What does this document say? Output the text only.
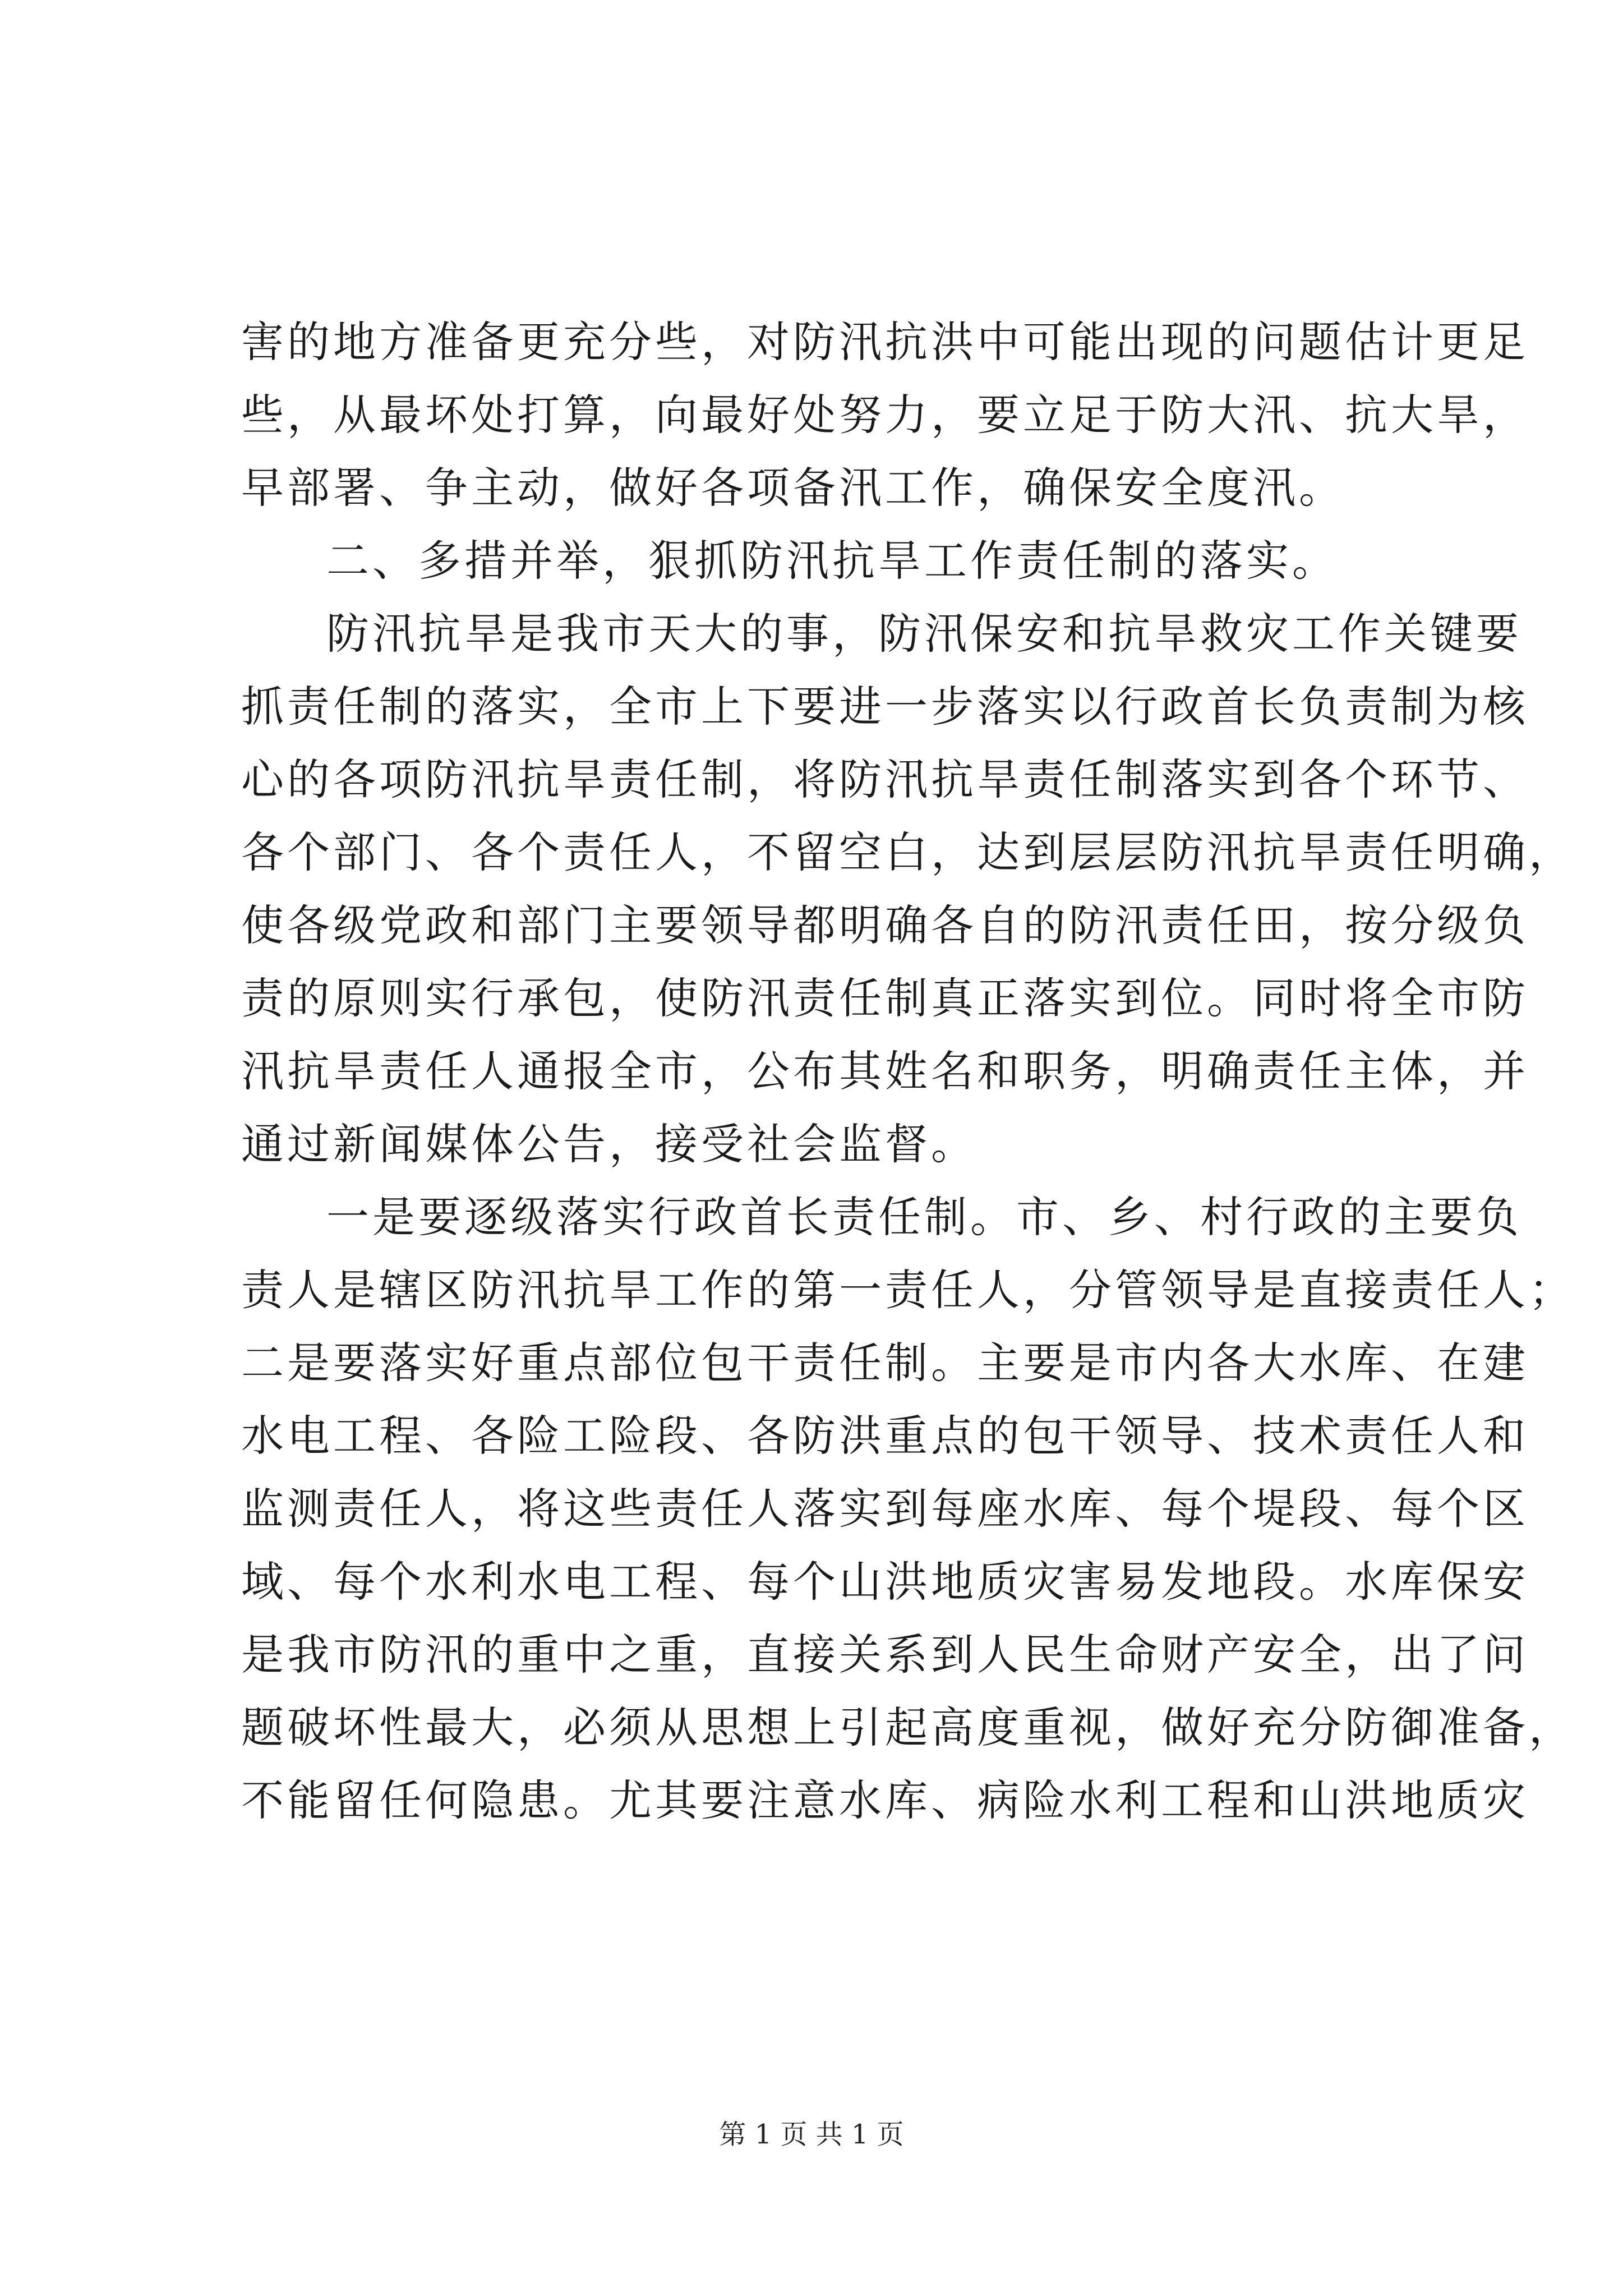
害的地方准备更充分些，对防汛抗洪中可能出现的问题估计更足
些，从最坏处打算，向最好处努力，要立足于防大汛、抗大旱，
早部署、争主动，做好各项备汛工作，确保安全度汛。
二、多措并举，狠抓防汛抗旱工作责任制的落实。
防汛抗旱是我市天大的事，防汛保安和抗旱救灾工作关键要
抓责任制的落实，全市上下要进一步落实以行政首长负责制为核
心的各项防汛抗旱责任制，将防汛抗旱责任制落实到各个环节、
各个部门、各个责任人，不留空白，达到层层防汛抗旱责任明确，
使各级党政和部门主要领导都明确各自的防汛责任田，按分级负
责的原则实行承包，使防汛责任制真正落实到位。同时将全市防
汛抗旱责任人通报全市，公布其姓名和职务，明确责任主体，并
通过新闻媒体公告，接受社会监督。
一是要逐级落实行政首长责任制。市、乡、村行政的主要负
责人是辖区防汛抗旱工作的第一责任人，分管领导是直接责任人；
二是要落实好重点部位包干责任制。主要是市内各大水库、在建
水电工程、各险工险段、各防洪重点的包干领导、技术责任人和
监测责任人，将这些责任人落实到每座水库、每个堤段、每个区
域、每个水利水电工程、每个山洪地质灾害易发地段。水库保安
是我市防汛的重中之重，直接关系到人民生命财产安全，出了问
题破坏性最大，必须从思想上引起高度重视，做好充分防御准备，
不能留任何隐患。尤其要注意水库、病险水利工程和山洪地质灾
第 1 页 共 1 页
